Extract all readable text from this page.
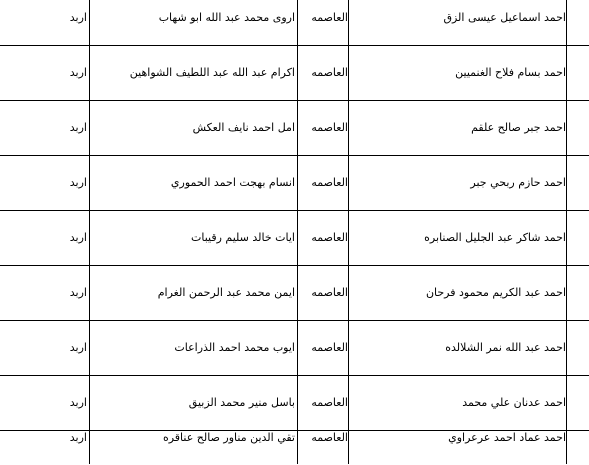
احمد اسماعيل عيسى الزق
العاصمه
اروى محمد عبد الله ابو شهاب
اربد
احمد بسام فلاح الغنميين
العاصمه
اكرام عبد الله عبد اللطيف الشواهين
اربد
احمد جبر صالح علقم
العاصمه
امل احمد نايف العكش
اربد
احمد حازم ربحي جبر
العاصمه
انسام بهجت احمد الحموري
اربد
احمد شاكر عبد الجليل الصنابره
العاصمه
ايات خالد سليم رقيبات
اربد
احمد عبد الكريم محمود فرحان
العاصمه
ايمن محمد عبد الرحمن الغرام
اربد
احمد عبد الله نمر الشلالده
العاصمه
ايوب محمد احمد الذراعات
اربد
احمد عدنان علي محمد
العاصمه
باسل منير محمد الزبيق
اربد
احمد عماد احمد عرعراوي
العاصمه
تقي الدين مناور صالح عناقره
اربد
